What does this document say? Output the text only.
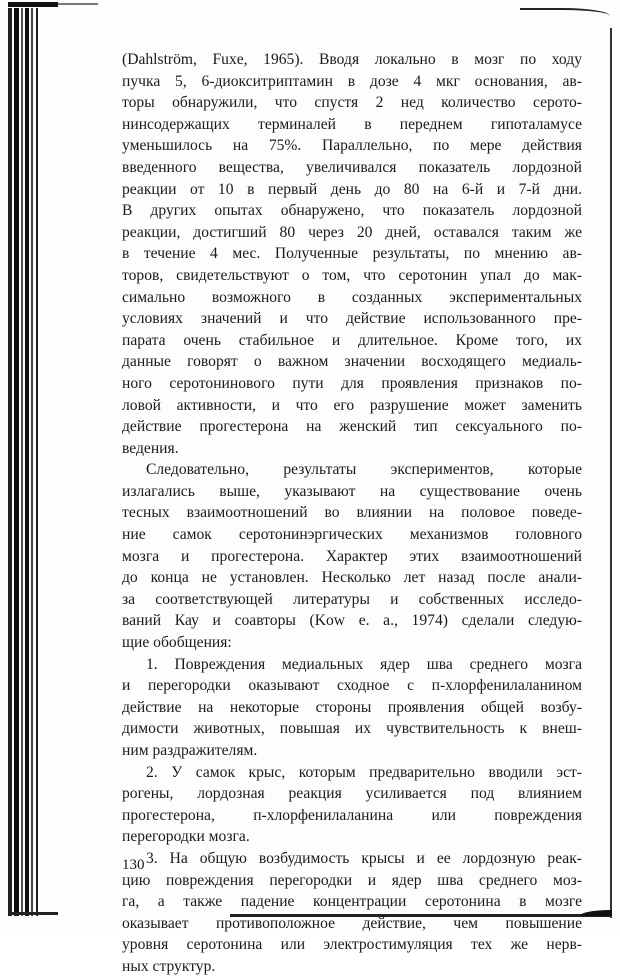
(Dahlström, Fuxe, 1965). Вводя локально в мозг по ходу
пучка 5, 6-диокситриптамин в дозе 4 мкг основания, ав-
торы обнаружили, что спустя 2 нед количество серото-
нинсодержащих терминалей в переднем гипоталамусе
уменьшилось на 75%. Параллельно, по мере действия
введенного вещества, увеличивался показатель лордозной
реакции от 10 в первый день до 80 на 6-й и 7-й дни.
В других опытах обнаружено, что показатель лордозной
реакции, достигший 80 через 20 дней, оставался таким же
в течение 4 мес. Полученные результаты, по мнению ав-
торов, свидетельствуют о том, что серотонин упал до мак-
симально возможного в созданных экспериментальных
условиях значений и что действие использованного пре-
парата очень стабильное и длительное. Кроме того, их
данные говорят о важном значении восходящего медиаль-
ного серотонинового пути для проявления признаков по-
ловой активности, и что его разрушение может заменить
действие прогестерона на женский тип сексуального по-
ведения.
Следовательно, результаты экспериментов, которые
излагались выше, указывают на существование очень
тесных взаимоотношений во влиянии на половое поведе-
ние самок серотонинэргических механизмов головного
мозга и прогестерона. Характер этих взаимоотношений
до конца не установлен. Несколько лет назад после анали-
за соответствующей литературы и собственных исследо-
ваний Кау и соавторы (Kow e. a., 1974) сделали следую-
щие обобщения:
1. Повреждения медиальных ядер шва среднего мозга
и перегородки оказывают сходное с п-хлорфенилаланином
действие на некоторые стороны проявления общей возбу-
димости животных, повышая их чувствительность к внеш-
ним раздражителям.
2. У самок крыс, которым предварительно вводили эст-
рогены, лордозная реакция усиливается под влиянием
прогестерона, п-хлорфенилаланина или повреждения
перегородки мозга.
3. На общую возбудимость крысы и ее лордозную реак-
цию повреждения перегородки и ядер шва среднего моз-
га, а также падение концентрации серотонина в мозге
оказывает противоположное действие, чем повышение
уровня серотонина или электростимуляция тех же нерв-
ных структур.
130
